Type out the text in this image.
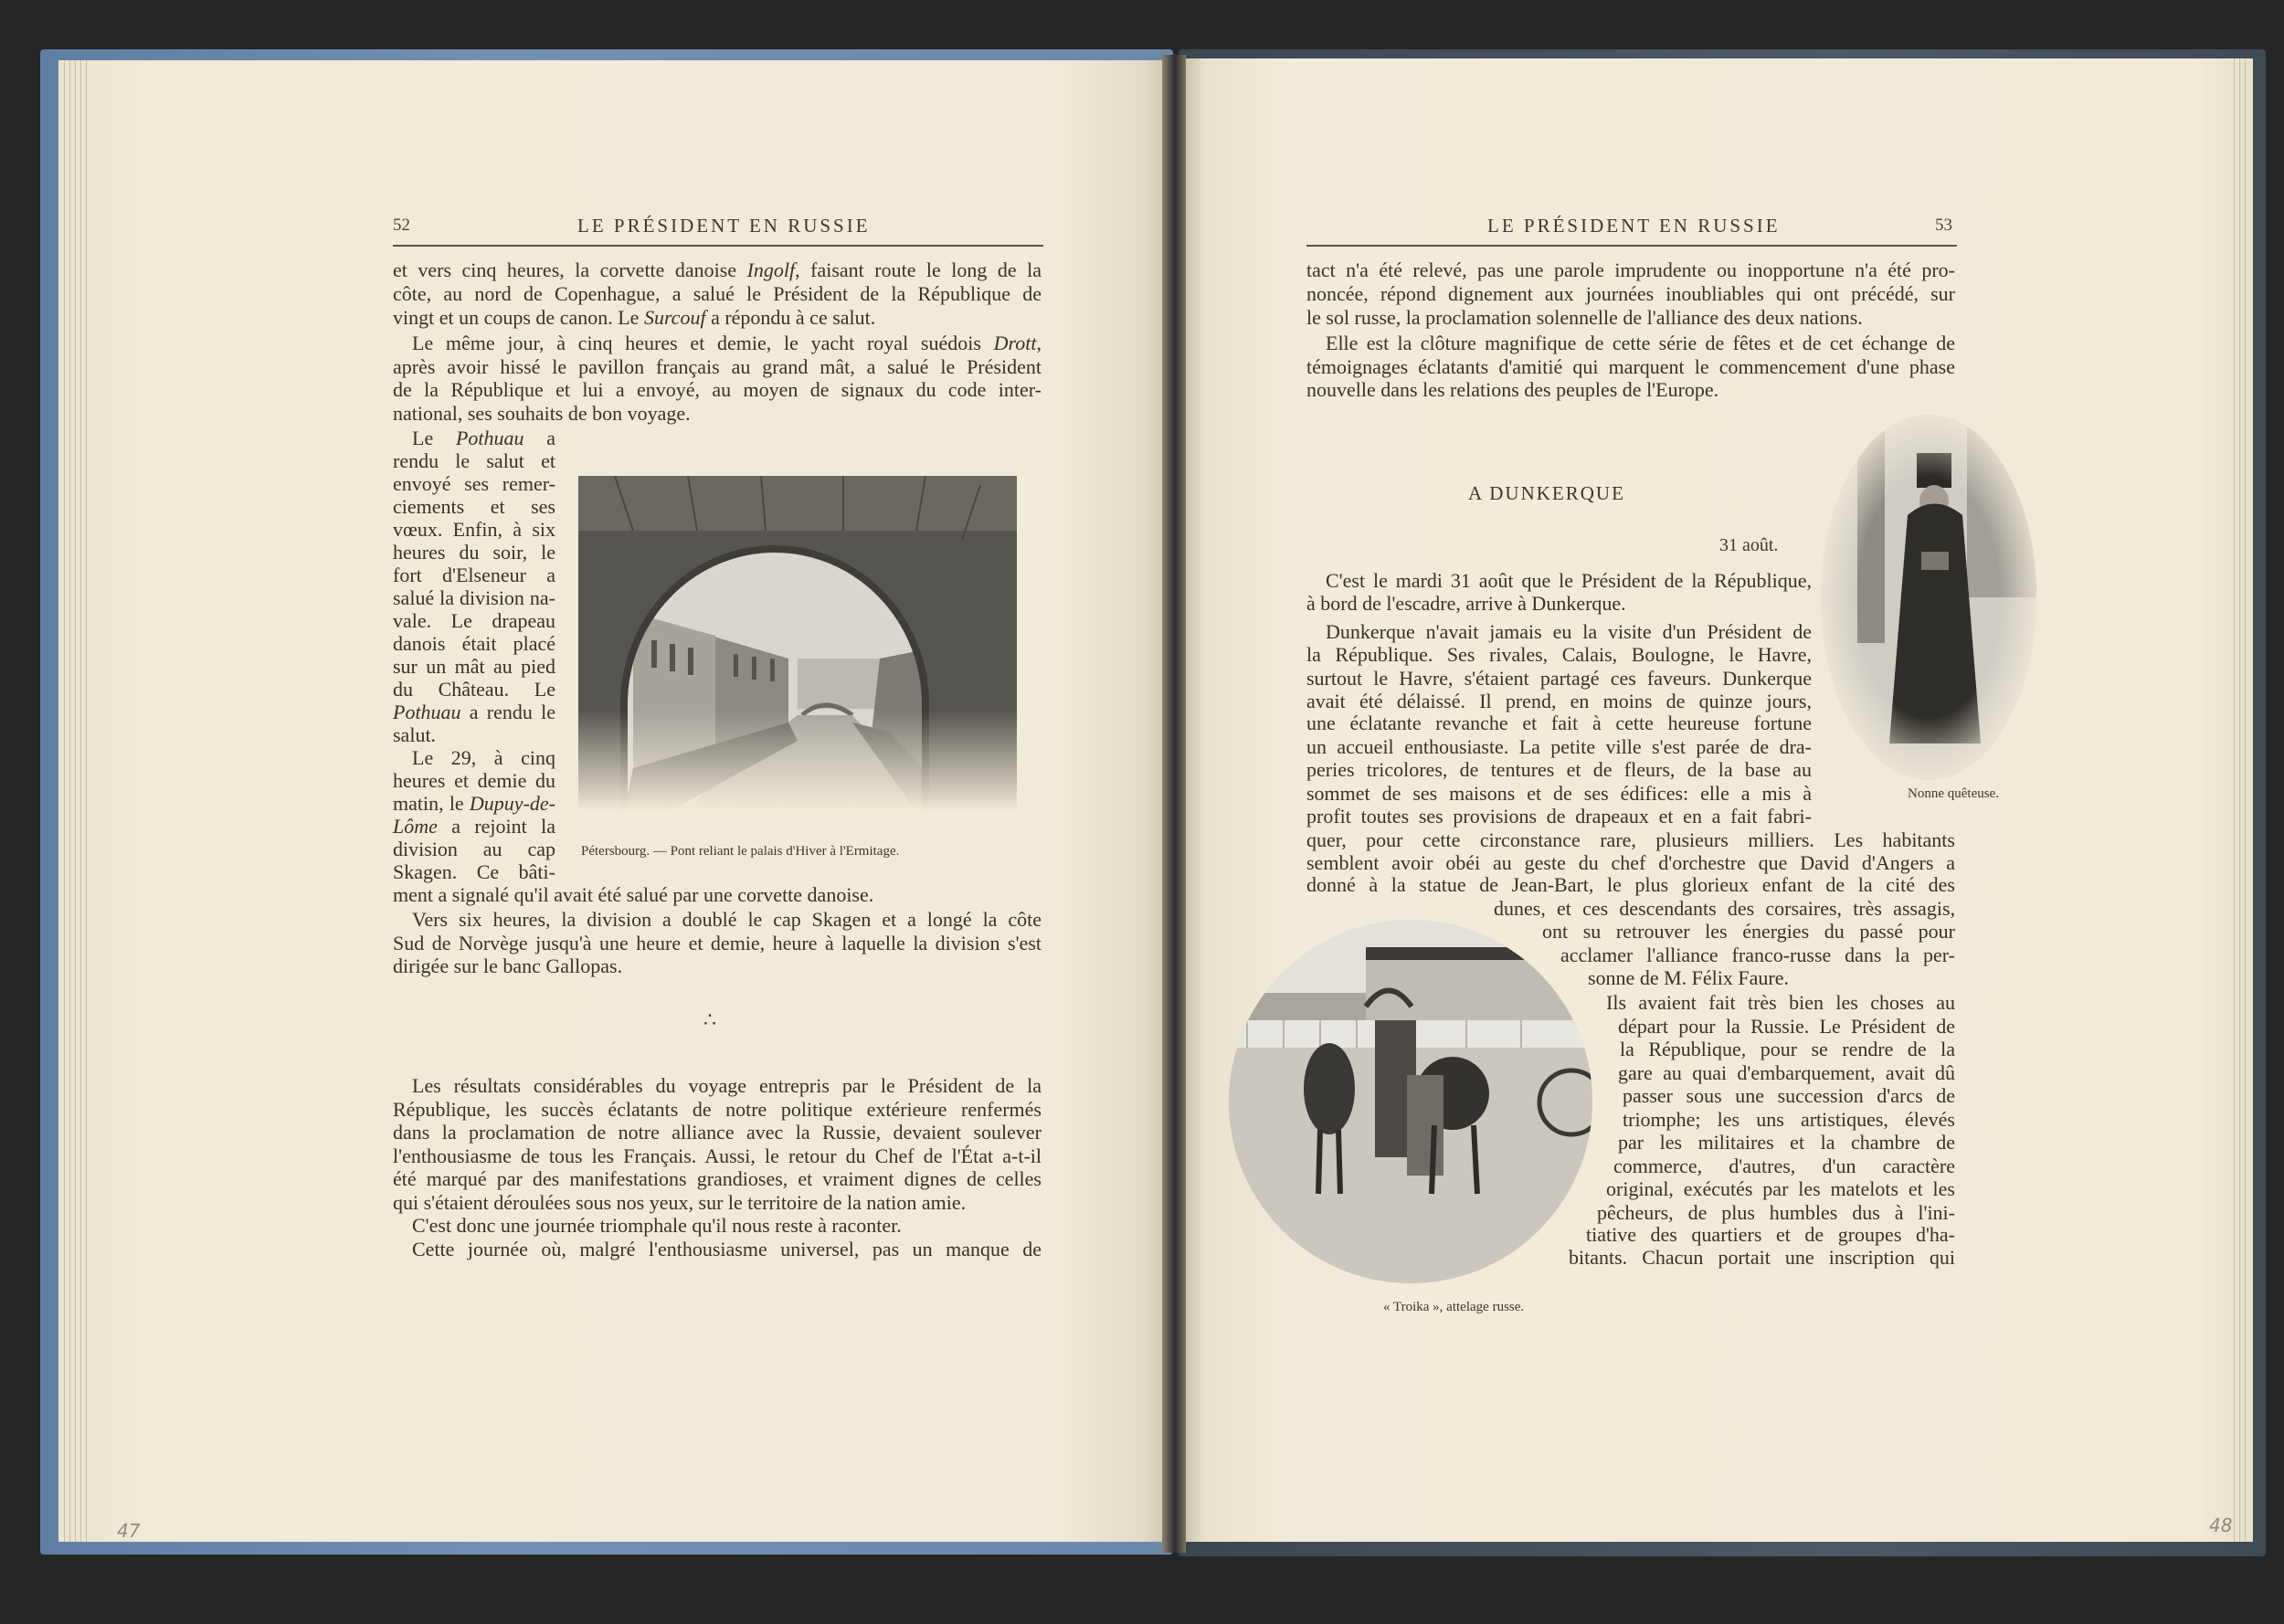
52	LE PRÉSIDENT EN RUSSIE	LE PRÉSIDENT EN RUSSIE	53
Pétersbourg. — Pont reliant le palais d'Hiver à l'Ermitage.
∴
A DUNKERQUE
31 août.
Nonne quêteuse.
« Troika », attelage russe.
47	48
et vers cinq heures, la corvette danoise Ingolf, faisant route le long de la
côte, au nord de Copenhague, a salué le Président de la République de
vingt et un coups de canon. Le Surcouf a répondu à ce salut.
Le même jour, à cinq heures et demie, le yacht royal suédois Drott,
après avoir hissé le pavillon français au grand mât, a salué le Président
de la République et lui a envoyé, au moyen de signaux du code inter-
national, ses souhaits de bon voyage.
Le Pothuau a
rendu le salut et
envoyé ses remer-
ciements et ses
vœux. Enfin, à six
heures du soir, le
fort d'Elseneur a
salué la division na-
vale. Le drapeau
danois était placé
sur un mât au pied
du Château. Le
Pothuau a rendu le
salut.
Le 29, à cinq
heures et demie du
matin, le Dupuy-de-
Lôme a rejoint la
division au cap
Skagen. Ce bâti-
ment a signalé qu'il avait été salué par une corvette danoise.
Vers six heures, la division a doublé le cap Skagen et a longé la côte
Sud de Norvège jusqu'à une heure et demie, heure à laquelle la division s'est
dirigée sur le banc Gallopas.
Les résultats considérables du voyage entrepris par le Président de la
République, les succès éclatants de notre politique extérieure renfermés
dans la proclamation de notre alliance avec la Russie, devaient soulever
l'enthousiasme de tous les Français. Aussi, le retour du Chef de l'État a-t-il
été marqué par des manifestations grandioses, et vraiment dignes de celles
qui s'étaient déroulées sous nos yeux, sur le territoire de la nation amie.
C'est donc une journée triomphale qu'il nous reste à raconter.
Cette journée où, malgré l'enthousiasme universel, pas un manque de
tact n'a été relevé, pas une parole imprudente ou inopportune n'a été pro-
noncée, répond dignement aux journées inoubliables qui ont précédé, sur
le sol russe, la proclamation solennelle de l'alliance des deux nations.
Elle est la clôture magnifique de cette série de fêtes et de cet échange de
témoignages éclatants d'amitié qui marquent le commencement d'une phase
nouvelle dans les relations des peuples de l'Europe.
C'est le mardi 31 août que le Président de la République,
à bord de l'escadre, arrive à Dunkerque.
Dunkerque n'avait jamais eu la visite d'un Président de
la République. Ses rivales, Calais, Boulogne, le Havre,
surtout le Havre, s'étaient partagé ces faveurs. Dunkerque
avait été délaissé. Il prend, en moins de quinze jours,
une éclatante revanche et fait à cette heureuse fortune
un accueil enthousiaste. La petite ville s'est parée de dra-
peries tricolores, de tentures et de fleurs, de la base au
sommet de ses maisons et de ses édifices: elle a mis à
profit toutes ses provisions de drapeaux et en a fait fabri-
quer, pour cette circonstance rare, plusieurs milliers. Les habitants
semblent avoir obéi au geste du chef d'orchestre que David d'Angers a
donné à la statue de Jean-Bart, le plus glorieux enfant de la cité des
dunes, et ces descendants des corsaires, très assagis,
ont su retrouver les énergies du passé pour
acclamer l'alliance franco-russe dans la per-
sonne de M. Félix Faure.
Ils avaient fait très bien les choses au
départ pour la Russie. Le Président de
la République, pour se rendre de la
gare au quai d'embarquement, avait dû
passer sous une succession d'arcs de
triomphe; les uns artistiques, élevés
par les militaires et la chambre de
commerce, d'autres, d'un caractère
original, exécutés par les matelots et les
pêcheurs, de plus humbles dus à l'ini-
tiative des quartiers et de groupes d'ha-
bitants. Chacun portait une inscription qui
